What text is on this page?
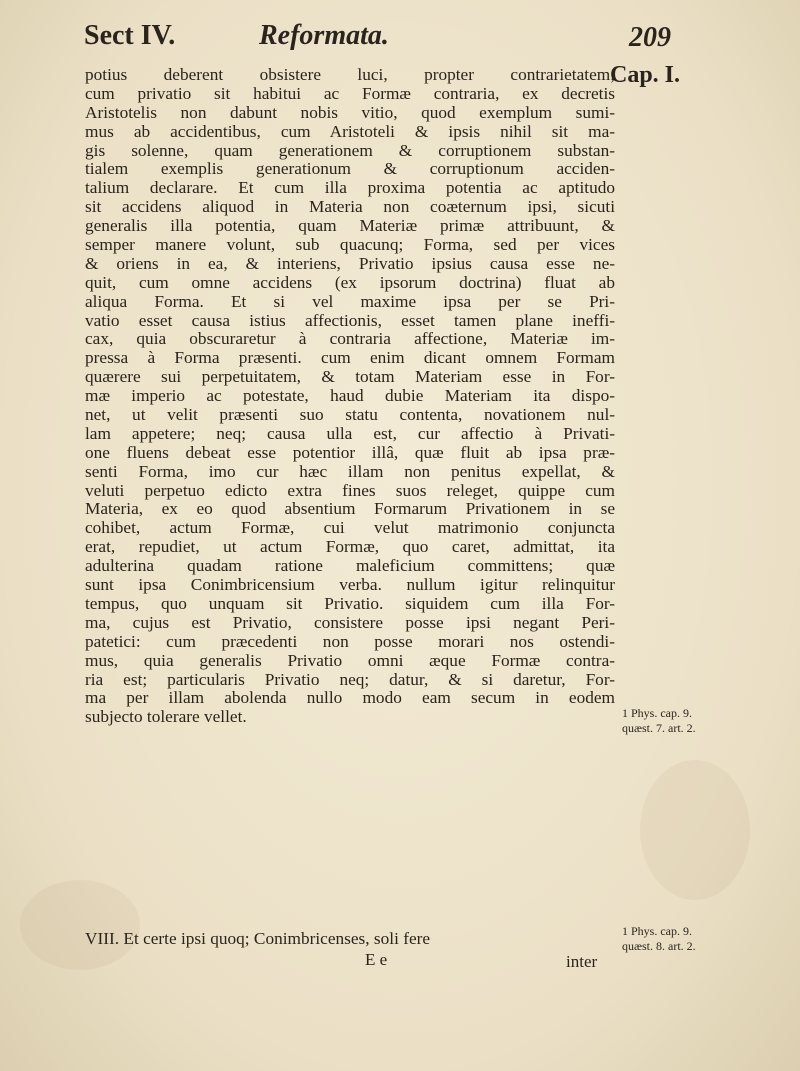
Sect IV.	Reformata.	209
Cap. I.
potius deberent obsistere luci, propter contrarietatem;
cum privatio sit habitui ac Formæ contraria, ex decretis
Aristotelis non dabunt nobis vitio, quod exemplum sumi-
mus ab accidentibus, cum Aristoteli & ipsis nihil sit ma-
gis solenne, quam generationem & corruptionem substan-
tialem exemplis generationum & corruptionum acciden-
talium declarare. Et cum illa proxima potentia ac aptitudo
sit accidens aliquod in Materia non coæternum ipsi, sicuti
generalis illa potentia, quam Materiæ primæ attribuunt, &
semper manere volunt, sub quacunq; Forma, sed per vices
& oriens in ea, & interiens, Privatio ipsius causa esse ne-
quit, cum omne accidens (ex ipsorum doctrina) fluat ab
aliqua Forma. Et si vel maxime ipsa per se Pri-
vatio esset causa istius affectionis, esset tamen plane ineffi-
cax, quia obscuraretur à contraria affectione, Materiæ im-
pressa à Forma præsenti. cum enim dicant omnem Formam
quærere sui perpetuitatem, & totam Materiam esse in For-
mæ imperio ac potestate, haud dubie Materiam ita dispo-
net, ut velit præsenti suo statu contenta, novationem nul-
lam appetere; neq; causa ulla est, cur affectio à Privati-
one fluens debeat esse potentior illâ, quæ fluit ab ipsa præ-
senti Forma, imo cur hæc illam non penitus expellat, &
veluti perpetuo edicto extra fines suos releget, quippe cum
Materia, ex eo quod absentium Formarum Privationem in se
cohibet, actum Formæ, cui velut matrimonio conjuncta
erat, repudiet, ut actum Formæ, quo caret, admittat, ita
adulterina quadam ratione maleficium committens; quæ
sunt ipsa Conimbricensium verba. nullum igitur relinquitur
tempus, quo unquam sit Privatio. siquidem cum illa For-
ma, cujus est Privatio, consistere posse ipsi negant Peri-
patetici: cum præcedenti non posse morari nos ostendi-
mus, quia generalis Privatio omni æque Formæ contra-
ria est; particularis Privatio neq; datur, & si daretur, For-
ma per illam abolenda nullo modo eam secum in eodem
subjecto tolerare vellet.	1 Phys. cap. 9.
quæst. 7. art. 2.
VIII. Et certe ipsi quoq; Conimbricenses, soli fere	1 Phys. cap. 9.
quæst. 8. art. 2.
E e	inter
